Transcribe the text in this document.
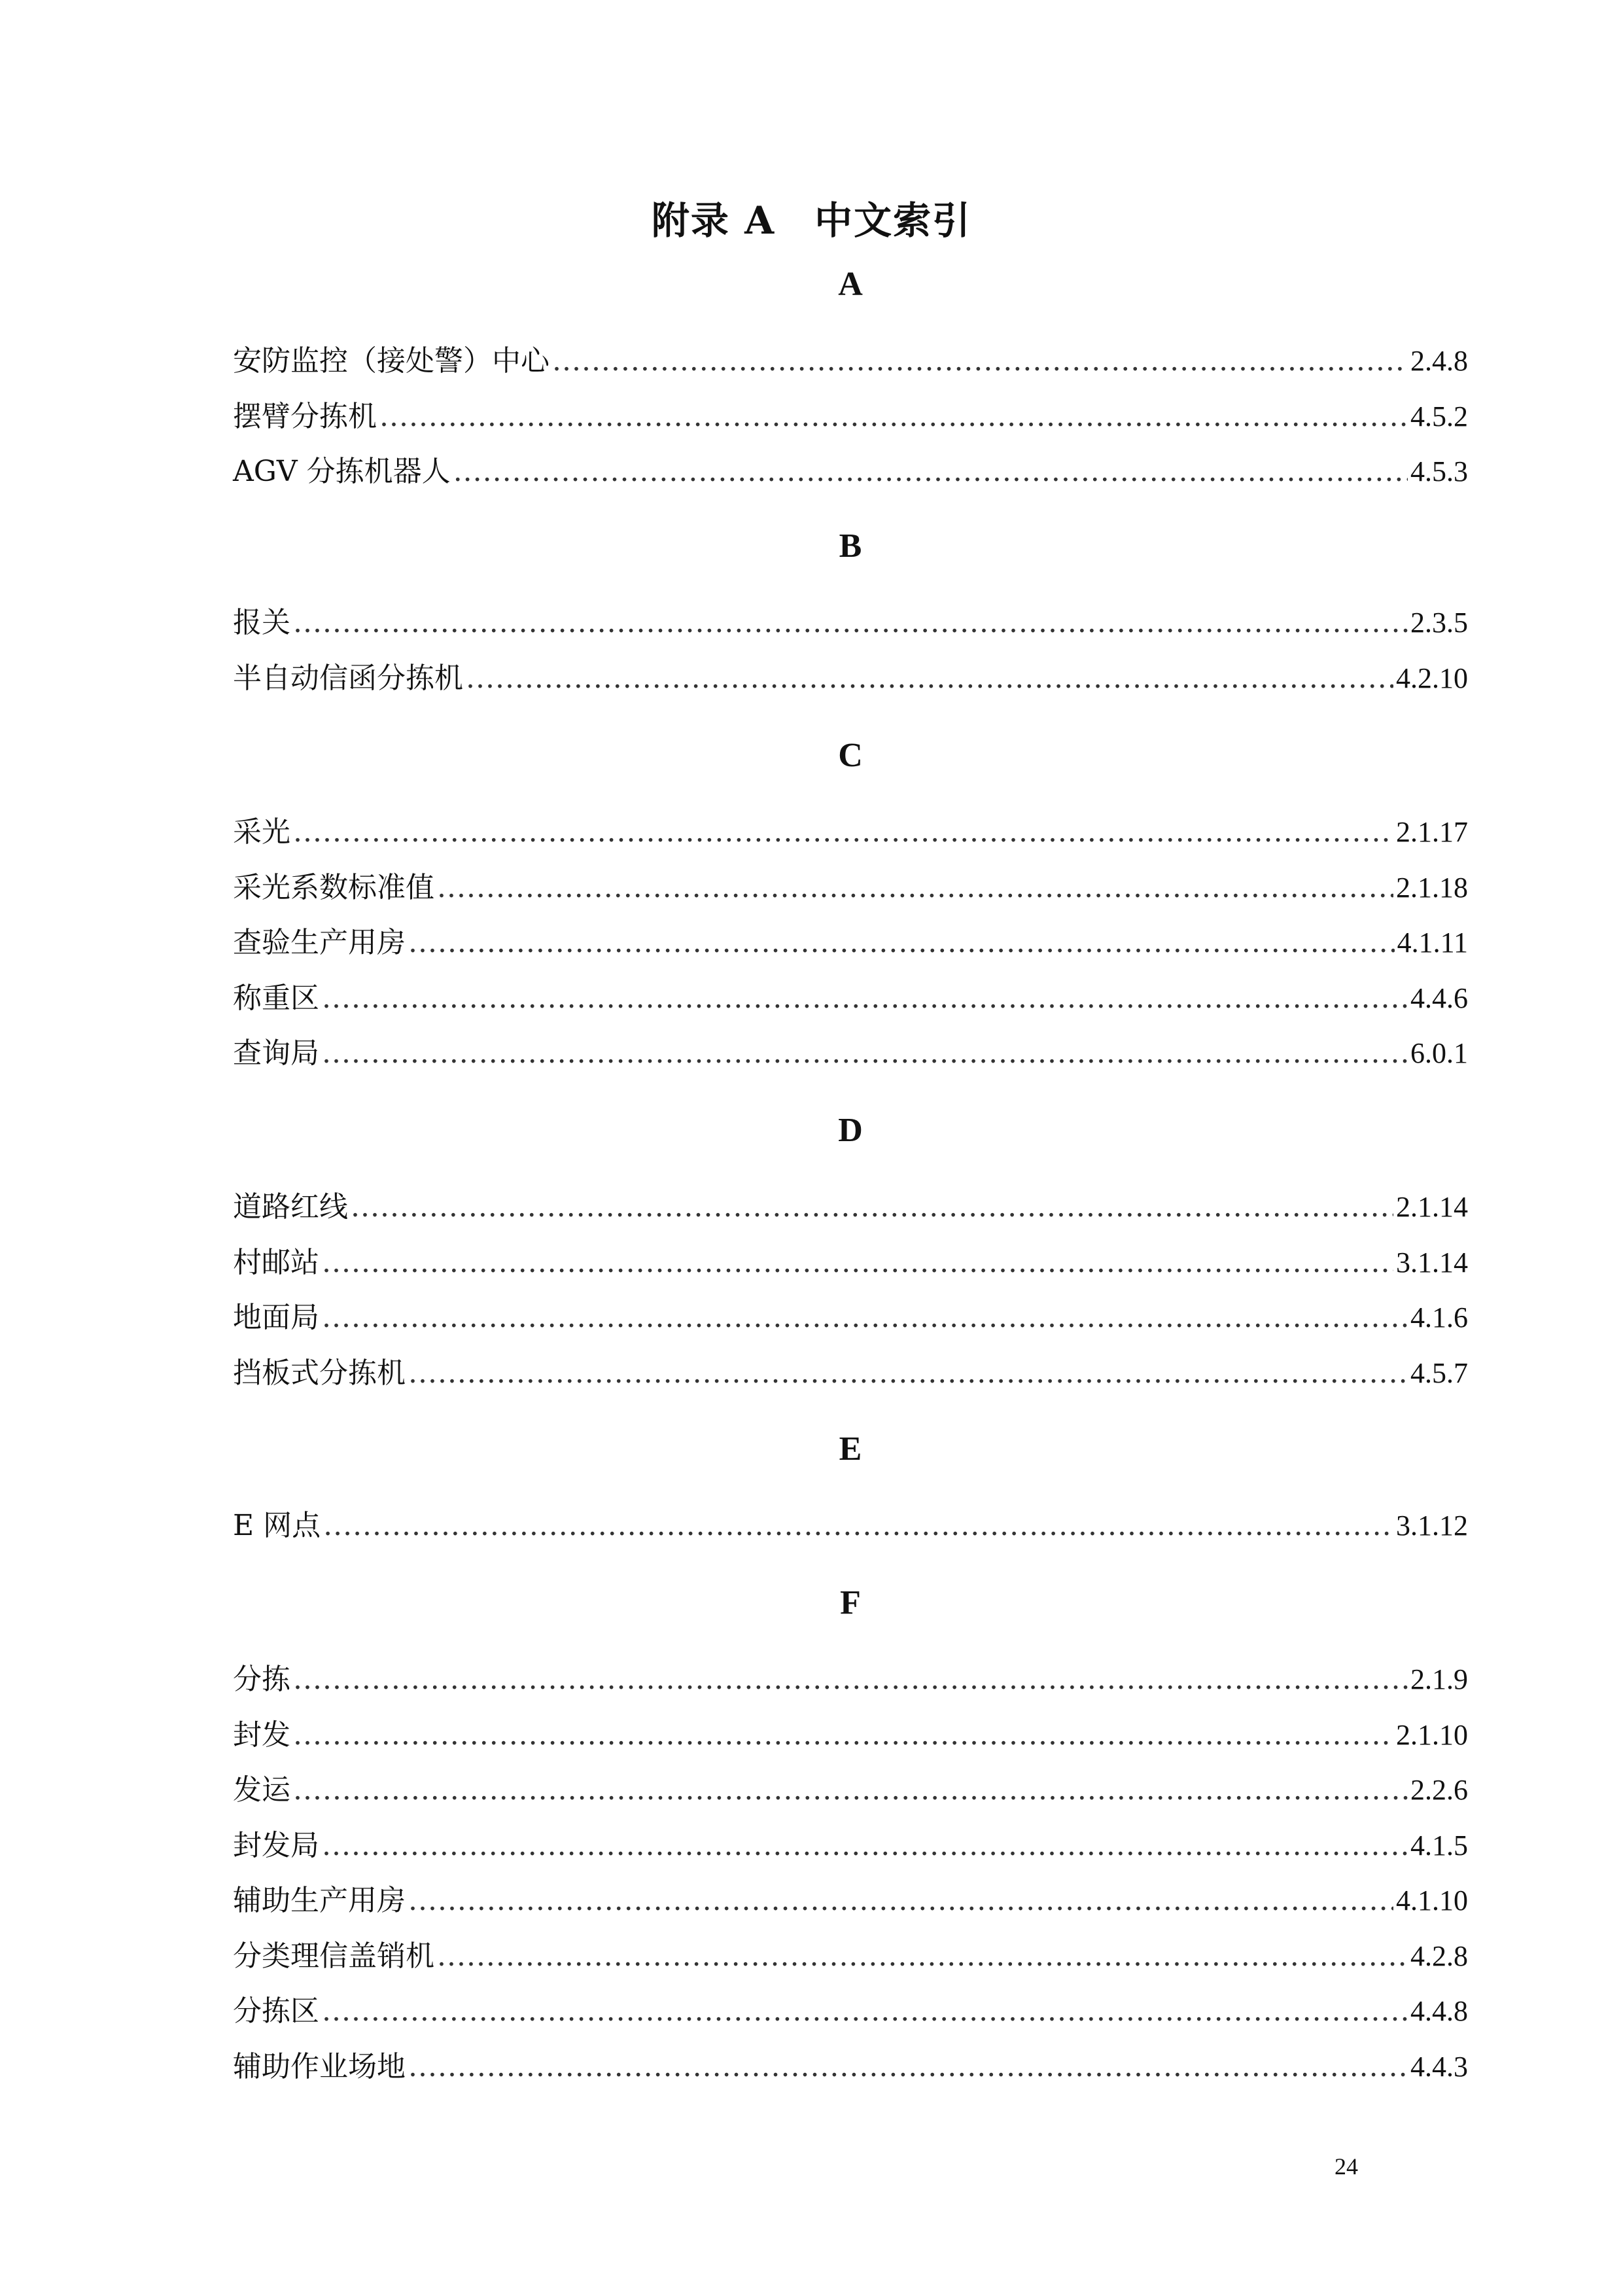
附录 A　中文索引
A
安防监控（接处警）中心 .....	2.4.8
摆臂分拣机 .....	4.5.2
AGV 分拣机器人 .....	4.5.3
B
报关 .....	2.3.5
半自动信函分拣机 .....	4.2.10
C
采光 .....	2.1.17
采光系数标准值 .....	2.1.18
查验生产用房 .....	4.1.11
称重区 .....	4.4.6
查询局 .....	6.0.1
D
道路红线 .....	2.1.14
村邮站 .....	3.1.14
地面局 .....	4.1.6
挡板式分拣机 .....	4.5.7
E
E 网点 .....	3.1.12
F
分拣 .....	2.1.9
封发 .....	2.1.10
发运 .....	2.2.6
封发局 .....	4.1.5
辅助生产用房 .....	4.1.10
分类理信盖销机 .....	4.2.8
分拣区 .....	4.4.8
辅助作业场地 .....	4.4.3
24
